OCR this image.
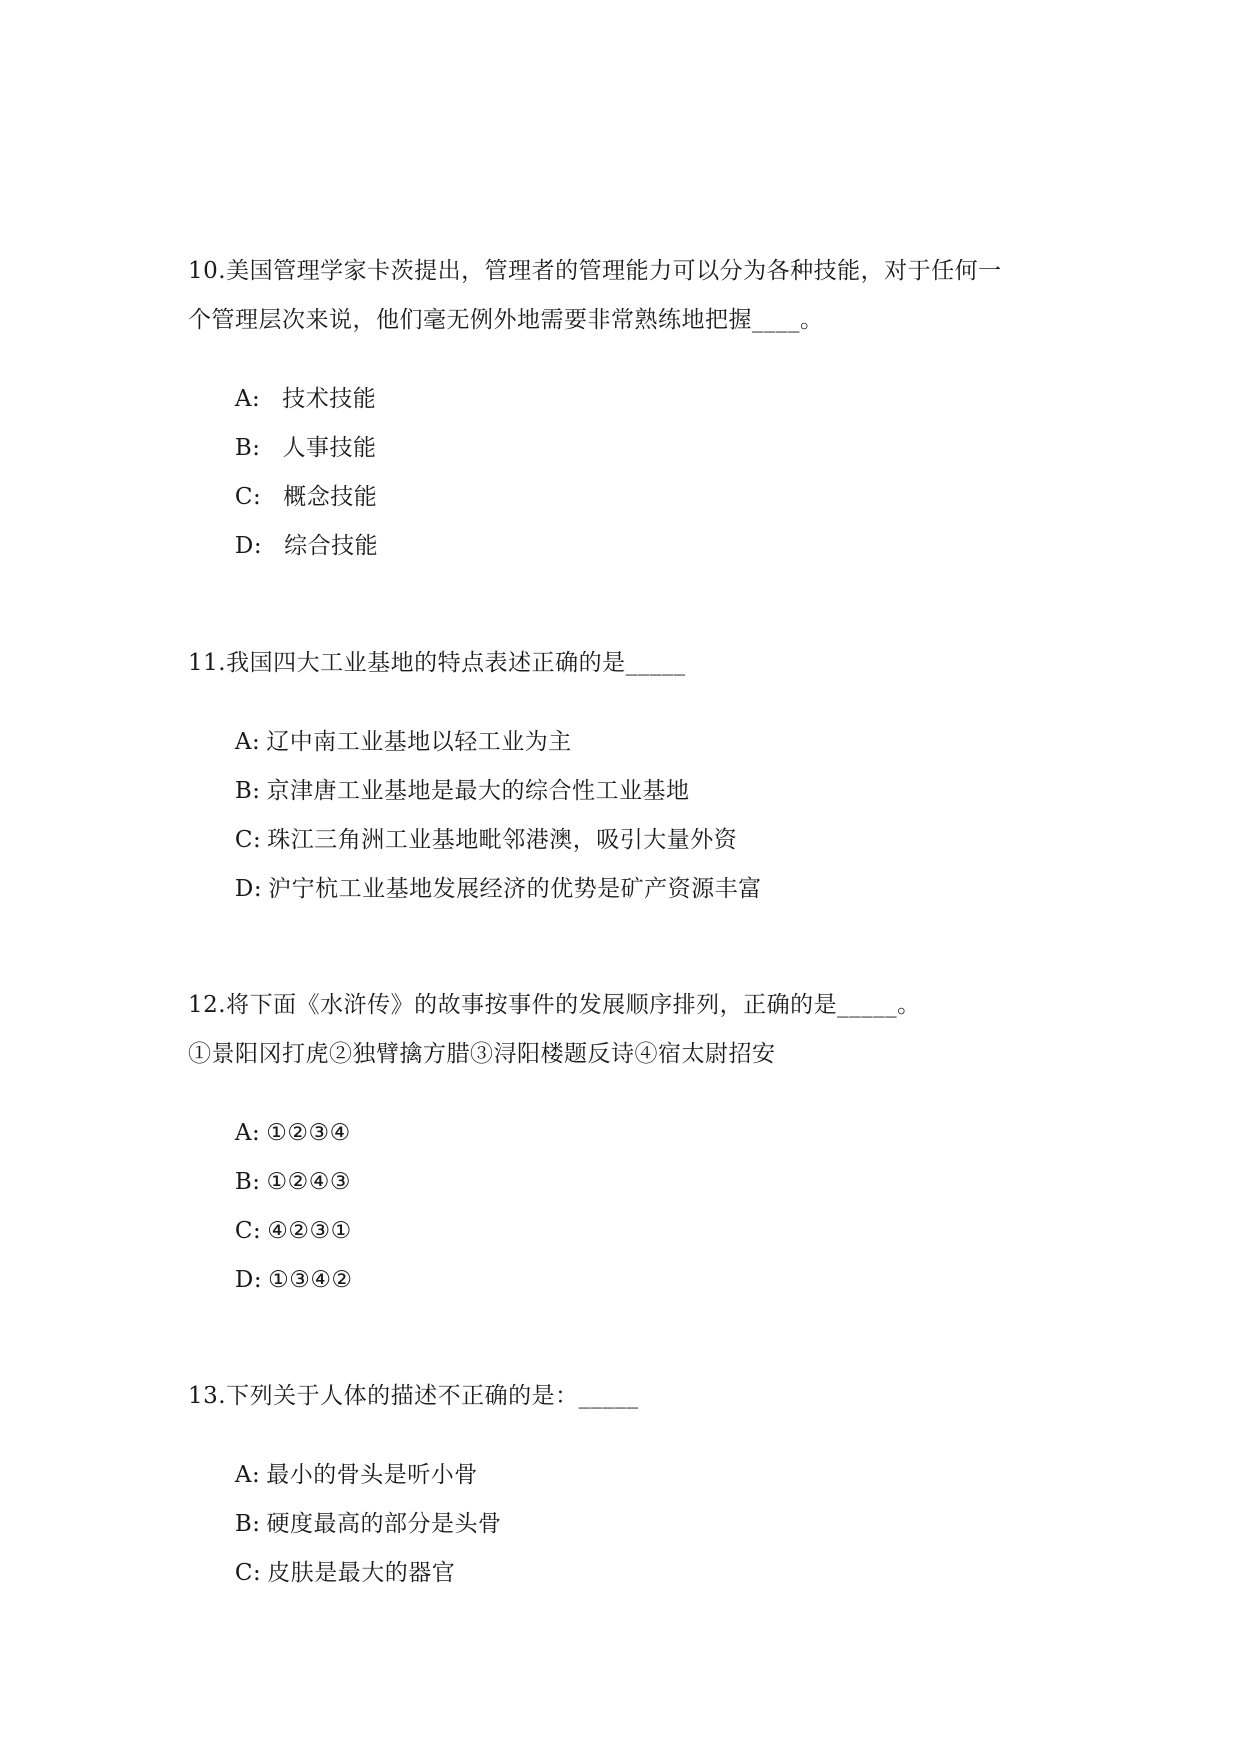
10.美国管理学家卡茨提出，管理者的管理能力可以分为各种技能，对于任何一
个管理层次来说，他们毫无例外地需要非常熟练地把握____。

A: 技术技能

B: 人事技能

C: 概念技能

D: 综合技能

11.我国四大工业基地的特点表述正确的是_____

A: 辽中南工业基地以轻工业为主

B: 京津唐工业基地是最大的综合性工业基地

C: 珠江三角洲工业基地毗邻港澳，吸引大量外资

D: 沪宁杭工业基地发展经济的优势是矿产资源丰富

12.将下面《水浒传》的故事按事件的发展顺序排列，正确的是_____。
①景阳冈打虎②独臂擒方腊③浔阳楼题反诗④宿太尉招安

A: ①②③④

B: ①②④③

C: ④②③①

D: ①③④②

13.下列关于人体的描述不正确的是：_____

A: 最小的骨头是听小骨

B: 硬度最高的部分是头骨

C: 皮肤是最大的器官
